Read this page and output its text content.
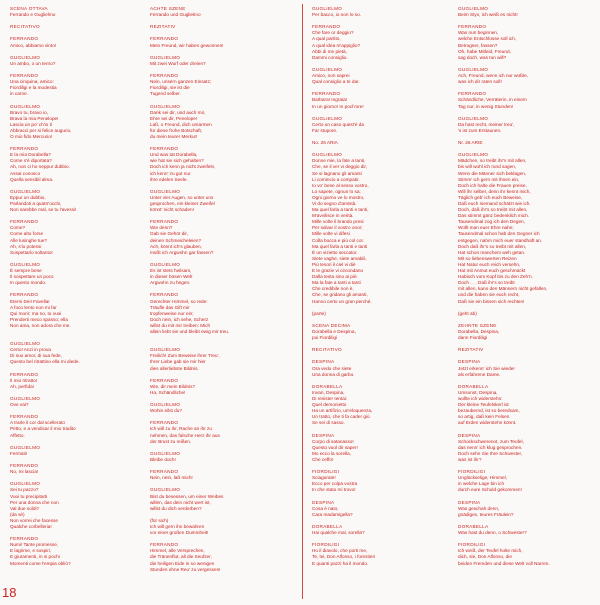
SCENA OTTAVA
Ferrando e Guglielmo
RECITATIVO
FERRANDO
Amico, abbiamo vinto!
GUGLIELMO
Un ambo, o un terno?
FERRANDO
Una cinquina, amico:
Fiordiligi e la modestia
in carne.
GUGLIELMO
Bravo tu, bravo io,
Brava la mia Penelope!
Lascia un po' ch'io ti
Abbracci per si felice augurio,
O mio fido Mercurio!
FERRANDO
E la mia Dorabella?
Come s'è diportata?
Ah, non ci ho neppur dubbio.
Assai conosco
Quella sensibil alma.
GUGLIELMO
Eppur un dubbio,
Parlandoti a quattr'occhi,
Non sarebbe mal, se tu l'avessi!
FERRANDO
Come?
Come alto forse
Alle lusinghe tue?
Ah, s'io potessi
Sospettarlo soltanto!
GUGLIELMO
È sempre bene
Il sospettare un poco
In questo mondo.
FERRANDO
Eterni Dei! Favella!
A foco lento non mi far
Qui morir; ma no, tu vuoi
Prenderti meco spasso; ella
Non ama, non adora che me.
GUGLIELMO
Certo! Anzi in prova
Di suo amor, di sua fede,
Questo bel ritrattino ella mi diede.
FERRANDO
Il mio ritratto!
Ah, perfida!
GUGLIELMO
Ove vai?
FERRANDO
A trarle il cor dal scellerato
Petto, e a vendicar il mio tradito
Affetto.
GUGLIELMO
Fermati!
FERRANDO
No, mi lascia!
GUGLIELMO
Sei tu pazzo?
Vuoi tu precipitarti
Per una donna che non
Val due soldi?
(da sé)
Non vorrei che facesse
Qualche corbelleria!
FERRANDO
Numi! Tante promesse,
E lagrime, e sospiri,
E giuramenti, in si pochi
Momenti come l'empia obliò?
ACHTE SZENE
Ferrando und Guglielmo
REZITATIV
FERRANDO
Mein Freund, wir haben gewonnen!
GUGLIELMO
Mit zwei Wurf oder dreien?
FERRANDO
Nein, unsern ganzen Einsatz;
Fiordiligi, sie ist die
Tugend selber.
GUGLIELMO
Dank sei dir, und auch mir,
Ehre sei dir, Penelope!
Laß, o Freund, dich umarmen
für diese frohe Botschaft,
du mein teurer Merkur!
FERRANDO
Und was tat Dorabella,
wie hat sie sich gehalten?
Doch ich kenn ja nicht zweifeln,
ich kenn' zu gut nur
ihre edelen Seele.
GUGLIELMO
Unter vier Augen, so unter uns
gesprochen, ein kleiner Zweifel
könnt' nicht schaden!
FERRANDO
Wie denn?
Gab sie Gehör dir,
deinen Schmeicheleien?
Ach, könnt ich's glauben,
müßt ich Argwohn gar fassen?
GUGLIELMO
Es ist stets heilsam,
in dieser bösen Welt
Argwohn zu hegen.
FERRANDO
Gerechter Himmel, so rede:
Träufle das Gift mir
tropfenweise nur ein;
Doch nein, ich sehe, Scherz
willst du mit mir treiben: Mich
allein liebt sie und bleibt ewig mir treu.
GUGLIELMO
Freilich! Zum Beweise ihrer Treu',
Ihrer Liebe gab sie mir hier
dies allerliebste Bildnis.
FERRANDO
Wie, dir mein Bildnis?
Ha, Schändliche!
GUGLIELMO
Wohin eilst du?
FERRANDO
Ich will zu ihr, Rache an ihr zu
nehmen, das falsche Herz ihr aus
der Brust zu reißen.
GUGLIELMO
Bleibe doch!
FERRANDO
Nein, nein, laß mich!
GUGLIELMO
Bist du besessen, um einer Weibes
willen, das dein nicht wert ist,
willst du dich verderben?
(für sich)
Ich will gern ihn bewahren
vor einer großen Dummheit!
FERRANDO
Himmel, alle Versprechen,
die Tränenflut, all die Seufzer,
die heiligen Eide in so wenigen
Stunden ohne Reu' zu vergessen!
GUGLIELMO
Per bacco, io non lo so.
FERRANDO
Che fare or deggio?
A qual partito,
A qual idea m'appiglio?
Abbi di me pietà,
Dammi consiglio.
GUGLIELMO
Amico, non saprei
Qual consiglio a te dar.
FERRANDO
Barbara! Ingrata!
In un giorno! In poch'ore!
GUGLIELMO
Certo un caso quest'è da
Far stupore.
No. 26 ARIA
GUGLIELMO
Donne mie, la fate a tanti,
Che, se il ver vi deggio dir,
Se si lagnano gli amanti
Li comincio a compatir.
Io vo' bene al sesso vostro,
Lo sapete, ognun lo sa;
Ogni giorno ve lo mostro,
Vi do segno d'amistà.
Ma quel farla a tanti e tanti,
M'avvilisce in verità.
Mille volte il brando presi
Per salvar il vostro onor;
Mille volte vi difesi
Colla bocca e più col cor.
Ma quel farla a tanti e tanti
È un vizietto seccator.
Siete vaghe, siete amabili,
Più tesori il ciel vi diè
E le grazie vi circondano
Dalla testa sino ai piè.
Ma la fate a tanti a tanti
Che credibile non è,
Che, se gridano gli amanti,
Hanno certo un gran perché.
(parte)
SCENA DECIMA
Dorabella e Despina,
poi Fiordiligi
RECITATIVO
DESPINA
Ora vedo che siete
Una donna di garbo.
DORABELLA
Invan, Despina,
Di resister tentai:
Quel demonietto
Ha un artifizio, un'eloquenza,
Un tratto, che ti fa cader giù
Se sei di sasso.
DESPINA
Corpo di satanasso!
Questo vuol dir saper!
Mo ecco la sorella,
Che ceffo!
FIORDILIGI
Sciagurate!
Ecco per colpa vostra
In che stato mi trovo!
DESPINA
Cosa è nato,
Cara madamigella?
DORABELLA
Hai qualche mal, sorella?
FIORDILIGI
Ho il diavolo, che porti me,
Te, lei, Don Alfonso, i forestieri
E quanti pazzi ha il mondo.
GUGLIELMO
Beim Styx, ich weiß es nicht!
FERRANDO
Was nun beginnen,
welche Entschlüsse soll ich,
Betrogner, fassen?
Oh, habe Mitleid, Freund,
sag doch, was tun will?
GUGLIELMO
Ach, Freund, wenn ich nur wüßte,
was ich dir raten soll!
FERRANDO
Schändliche, Verräterin, in einem
Tag nur, in wenig Stunden!
GUGLIELMO
Da hast recht, meiner treu',
's ist zum Erstaunen.
Nr. 26 ARIE
GUGLIELMO
Mädchen, so treibt ihr's mit allen,
bis will wohl ich rund sagen,
Wenn die Männer sich beklagen,
Stimm' ich gern mit ihnen ein,
Doch ich halte die Frauen preise,
Will ihr selber, denn ihr kennt mich,
Täglich geb' ich euch Beweise,
Daß euch niemand schätzt wie ich.
Doch, daß ihr's so treibt mit allen,
Das stimmt gänz bedenklich mich.
Tausendmal zog ich den Degen,
Wollt man euer Ehre nahn;
Tausendmal schon hab den Gegner ich
entgegen, nahm mich euer standhaft an.
Doch daß ihr's so treibt mit allen,
Hat schon manchem weh getan.
Mit so liebenswerten Reizen
Hat Natur euch reich versehn,
Hat mit Anmut euch geschmückt
Habisch vom Kopf bis zu den Zeh'n.
Doch . . . Daß ihr's so treibt
mit allen, kann den Männern nicht gefallen,
und die haben sie euch recht,
Daß sie ein bissen sich rechten!
(geht ab)
ZEHNTE SZENE
Dorabella, Despina,
dann Fiordiligi
REZITATIV
DESPINA
Jetzt erkenn' ich Sie wieder
als erfahrene Dame.
DORABELLA
Umsonst, Despina,
wollte ich widerstehn:
Der kleine Teufelskerl ist
bezaubernd, ist so beredsam,
so artig, daß kein Felsen
auf Erden widerstehn könnt.
DESPINA
Schockschwerenot, zum Teufel,
das nenn' ich klug gesprochen.
Doch sehn Sie Ihre Schwester,
was ist ihr?
FIORDILIGI
Unglückselige, Himmel,
in welche Lage bin ich
durch eure Schuld gekommen!
DESPINA
Was geschah denn,
gnädiges, teures Fräulein?
DORABELLA
Was hast du denn, o Schwester?
FIORDILIGI
Ich weiß, der Teufel holte mich,
dich, sie, Don Alfonso, die
beiden Fremden und diese Welt voll Narren.
18
